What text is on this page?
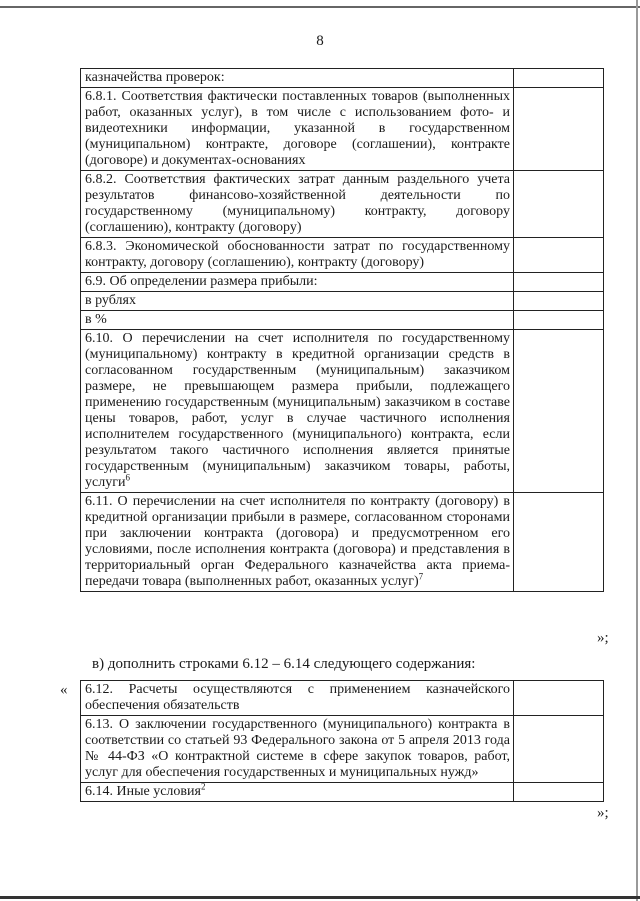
8
казначейства проверок:	
6.8.1. Соответствия фактически поставленных товаров (выполненных работ, оказанных услуг), в том числе с использованием фото- и видеотехники информации, указанной в государственном (муниципальном) контракте, договоре (соглашении), контракте (договоре) и документах-основаниях	
6.8.2. Соответствия фактических затрат данным раздельного учета результатов финансово-хозяйственной деятельности по государственному (муниципальному) контракту, договору (соглашению), контракту (договору)	
6.8.3. Экономической обоснованности затрат по государственному контракту, договору (соглашению), контракту (договору)	
6.9. Об определении размера прибыли:	
в рублях	
в %	
6.10. О перечислении на счет исполнителя по государственному (муниципальному) контракту в кредитной организации средств в согласованном государственным (муниципальным) заказчиком размере, не превышающем размера прибыли, подлежащего применению государственным (муниципальным) заказчиком в составе цены товаров, работ, услуг в случае частичного исполнения исполнителем государственного (муниципального) контракта, если результатом такого частичного исполнения является принятые государственным (муниципальным) заказчиком товары, работы, услуги$^6$	
6.11. О перечислении на счет исполнителя по контракту (договору) в кредитной организации прибыли в размере, согласованном сторонами при заключении контракта (договора) и предусмотренном его условиями, после исполнения контракта (договора) и представления в территориальный орган Федерального казначейства акта приема-передачи товара (выполненных работ, оказанных услуг)$^7$	
»;
в) дополнить строками 6.12 – 6.14 следующего содержания:
« 6.12. Расчеты осуществляются с применением казначейского обеспечения обязательств	
6.13. О заключении государственного (муниципального) контракта в соответствии со статьей 93 Федерального закона от 5 апреля 2013 года № 44-ФЗ «О контрактной системе в сфере закупок товаров, работ, услуг для обеспечения государственных и муниципальных нужд»	
6.14. Иные условия$^2$	
»;
